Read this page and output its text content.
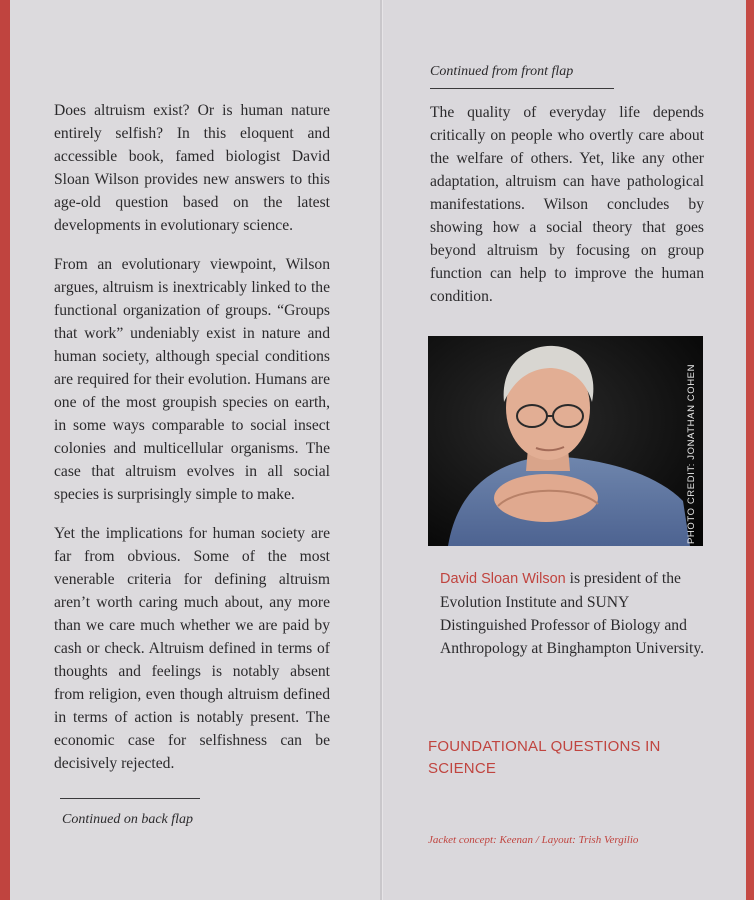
Does altruism exist? Or is human nature entirely selfish? In this eloquent and accessible book, famed biologist David Sloan Wilson provides new answers to this age-old question based on the latest developments in evolutionary science.

From an evolutionary viewpoint, Wilson argues, altruism is inextricably linked to the functional organization of groups. “Groups that work” undeniably exist in nature and human society, although special conditions are required for their evolution. Humans are one of the most groupish species on earth, in some ways comparable to social insect colonies and multicellular organisms. The case that altruism evolves in all social species is surprisingly simple to make.

Yet the implications for human society are far from obvious. Some of the most venerable criteria for defining altruism aren’t worth caring much about, any more than we care much whether we are paid by cash or check. Altruism defined in terms of thoughts and feelings is notably absent from religion, even though altruism defined in terms of action is notably present. The economic case for selfishness can be decisively rejected.

Continued on back flap
Continued from front flap

The quality of everyday life depends critically on people who overtly care about the welfare of others. Yet, like any other adaptation, altruism can have pathological manifestations. Wilson concludes by showing how a social theory that goes beyond altruism by focusing on group function can help to improve the human condition.

PHOTO CREDIT: JONATHAN COHEN
David Sloan Wilson is president of the Evolution Institute and SUNY Distinguished Professor of Biology and Anthropology at Binghampton University.
FOUNDATIONAL QUESTIONS IN SCIENCE
Jacket concept: Keenan / Layout: Trish Vergilio
